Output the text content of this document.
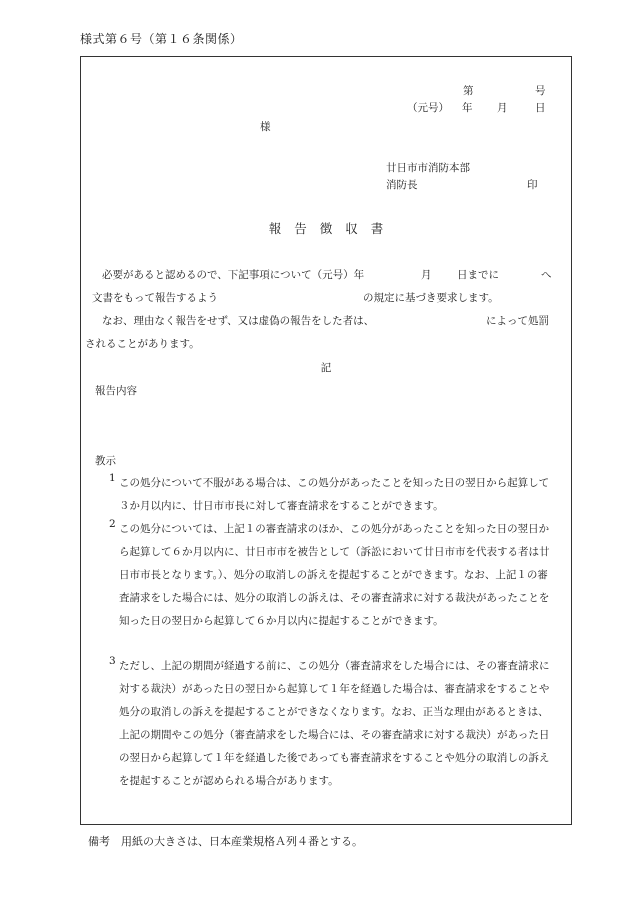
様式第６号（第１６条関係）
第	号
（元号） 年 月	日
様
廿日市市消防本部
消防長	印
報告徴収書
必要があると認めるので、下記事項について（元号）年	月 日までに	へ
文書をもって報告するよう	の規定に基づき要求します。
なお、理由なく報告をせず、又は虚偽の報告をした者は、	によって処罰
されることがあります。
記
報告内容
教示
1 この処分について不服がある場合は、この処分があったことを知った日の翌日から起算して３か月以内に、廿日市市長に対して審査請求をすることができます。
2 この処分については、上記１の審査請求のほか、この処分があったことを知った日の翌日から起算して６か月以内に、廿日市市を被告として（訴訟において廿日市市を代表する者は廿日市市長となります。）、処分の取消しの訴えを提起することができます。なお、上記１の審査請求をした場合には、処分の取消しの訴えは、その審査請求に対する裁決があったことを知った日の翌日から起算して６か月以内に提起することができます。
3 ただし、上記の期間が経過する前に、この処分（審査請求をした場合には、その審査請求に対する裁決）があった日の翌日から起算して１年を経過した場合は、審査請求をすることや処分の取消しの訴えを提起することができなくなります。なお、正当な理由があるときは、上記の期間やこの処分（審査請求をした場合には、その審査請求に対する裁決）があった日の翌日から起算して１年を経過した後であっても審査請求をすることや処分の取消しの訴えを提起することが認められる場合があります。
備考　用紙の大きさは、日本産業規格Ａ列４番とする。
